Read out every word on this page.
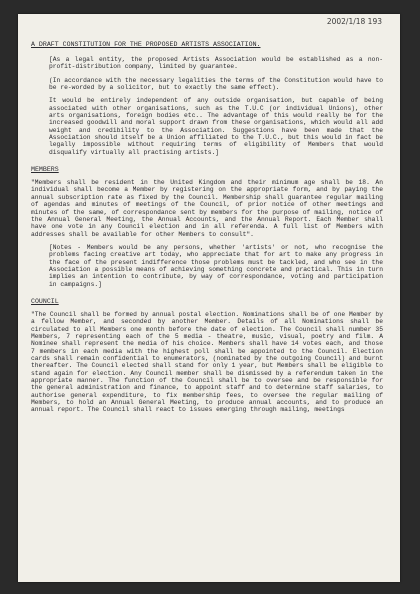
2002/1/18 193

A DRAFT CONSTITUTION FOR THE PROPOSED ARTISTS ASSOCIATION.

[As a legal entity, the proposed Artists Association would be established as a non-profit-distribution company, limited by guarantee.

(In accordance with the necessary legalities the terms of the Constitution would have to be re-worded by a solicitor, but to exactly the same effect).

It would be entirely independent of any outside organisation, but capable of being associated with other organisations, such as the T.U.C (or individual Unions), other arts organisations, foreign bodies etc.. The advantage of this would really be for the increased goodwill and moral support drawn from these organisations, which would all add weight and credibility to the Association. Suggestions have been made that the Association should itself be a Union affiliated to the T.U.C., but this would in fact be legally impossible without requiring terms of eligibility of Members that would disqualify virtually all practising artists.]

MEMBERS

"Members shall be resident in the United Kingdom and their minimum age shall be 18. An individual shall become a Member by registering on the appropriate form, and by paying the annual subscription rate as fixed by the Council. Membership shall guarantee regular mailing of agendas and minutes of meetings of the Council, of prior notice of other meetings and minutes of the same, of correspondance sent by members for the purpose of mailing, notice of the Annual General Meeting, the Annual Accounts, and the Annual Report. Each Member shall have one vote in any Council election and in all referenda. A full list of Members with addresses shall be available for other Members to consult".

[Notes - Members would be any persons, whether 'artists' or not, who recognise the problems facing creative art today, who appreciate that for art to make any progress in the face of the present indifference those problems must be tackled, and who see in the Association a possible means of achieving something concrete and practical. This in turn implies an intention to contribute, by way of correspondance, voting and participation in campaigns.]

COUNCIL

"The Council shall be formed by annual postal election. Nominations shall be of one Member by a fellow Member, and seconded by another Member. Details of all Nominations shall be circulated to all Members one month before the date of election. The Council shall number 35 Members, 7 representing each of the 5 media - theatre, music, visual, poetry and film. A Nominee shall represent the media of his choice. Members shall have 14 votes each, and those 7 members in each media with the highest poll shall be appointed to the Council. Election cards shall remain confidential to enumerators, (nominated by the outgoing Council) and burnt thereafter. The Council elected shall stand for only 1 year, but Members shall be eligible to stand again for election. Any Council member shall be dismissed by a referendum taken in the appropriate manner. The function of the Council shall be to oversee and be responsible for the general administration and finance, to appoint staff and to determine staff salaries, to authorise general expenditure, to fix membership fees, to oversee the regular mailing of Members, to hold an Annual General Meeting, to produce annual accounts, and to produce an annual report. The Council shall react to issues emerging through mailing, meetings
